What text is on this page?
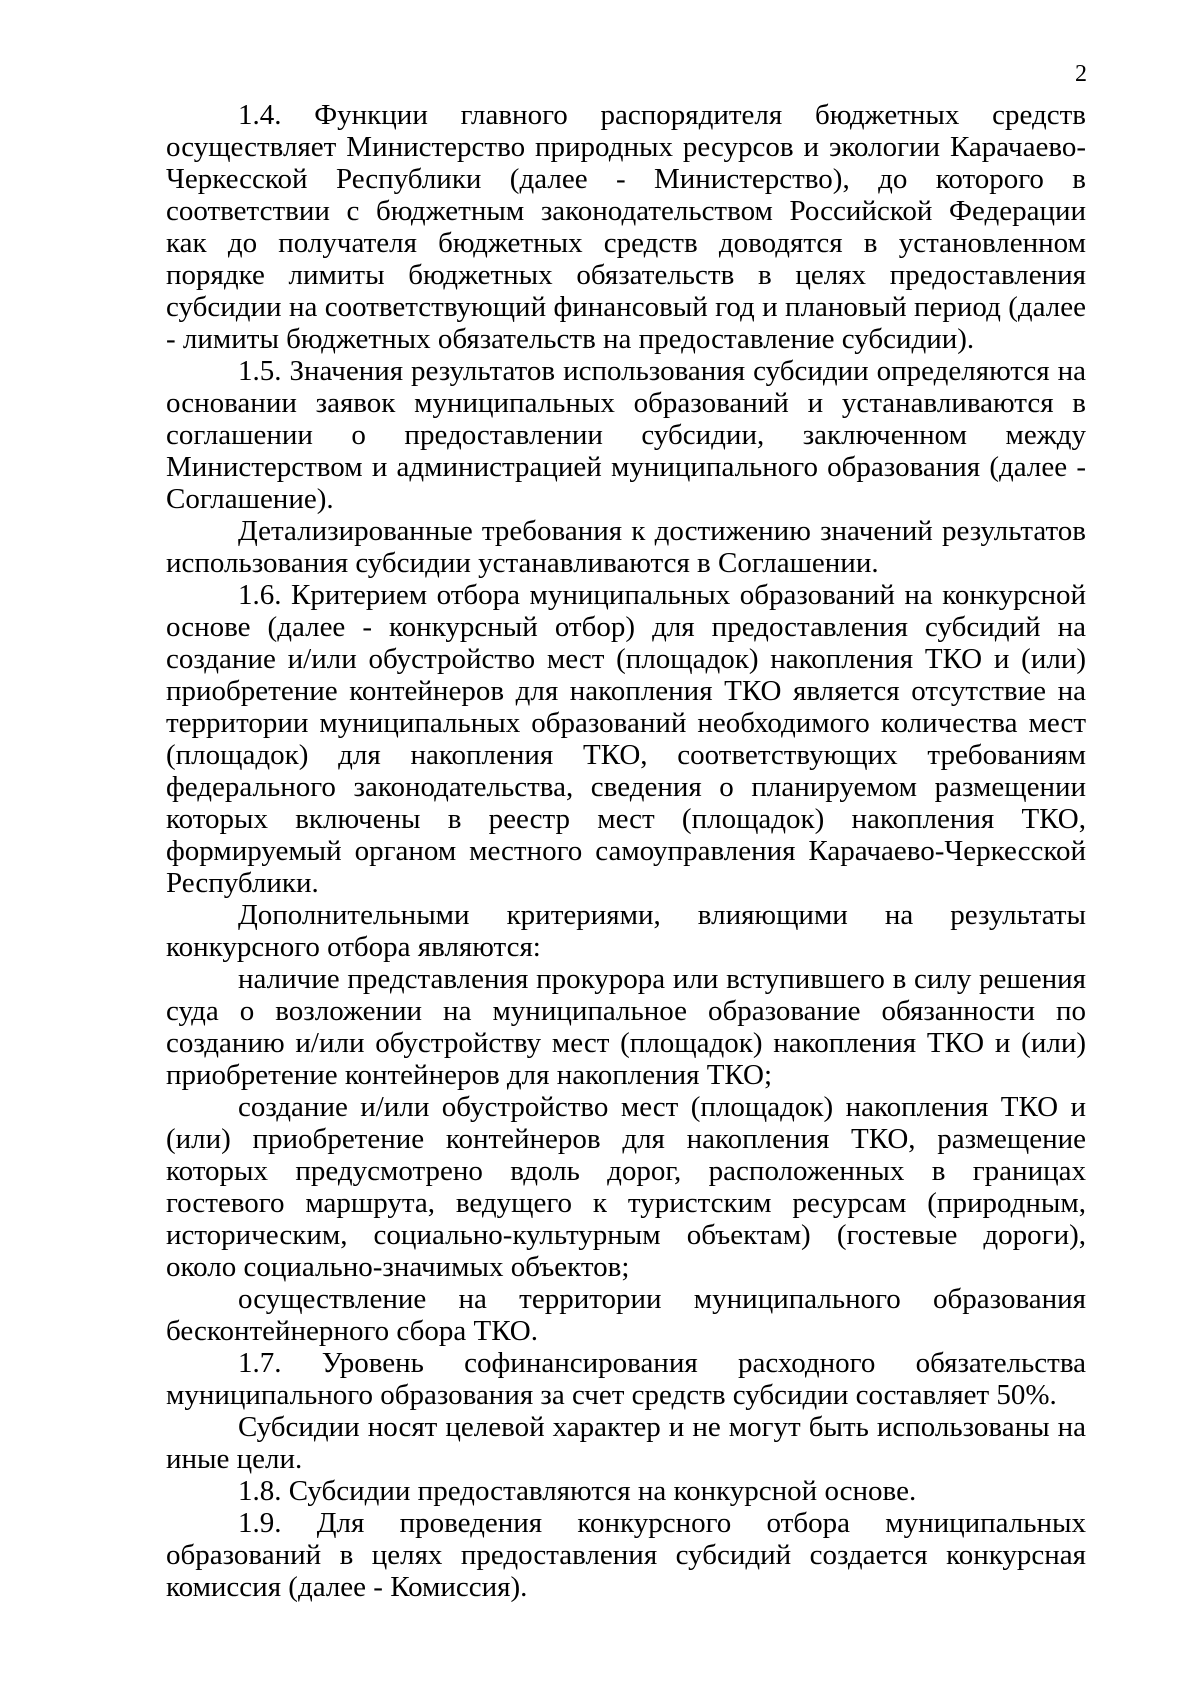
2

1.4. Функции главного распорядителя бюджетных средств осуществляет Министерство природных ресурсов и экологии Карачаево-Черкесской Республики (далее - Министерство), до которого в соответствии с бюджетным законодательством Российской Федерации как до получателя бюджетных средств доводятся в установленном порядке лимиты бюджетных обязательств в целях предоставления субсидии на соответствующий финансовый год и плановый период (далее - лимиты бюджетных обязательств на предоставление субсидии).

1.5. Значения результатов использования субсидии определяются на основании заявок муниципальных образований и устанавливаются в соглашении о предоставлении субсидии, заключенном между Министерством и администрацией муниципального образования (далее - Соглашение).

Детализированные требования к достижению значений результатов использования субсидии устанавливаются в Соглашении.

1.6. Критерием отбора муниципальных образований на конкурсной основе (далее - конкурсный отбор) для предоставления субсидий на создание и/или обустройство мест (площадок) накопления ТКО и (или) приобретение контейнеров для накопления ТКО является отсутствие на территории муниципальных образований необходимого количества мест (площадок) для накопления ТКО, соответствующих требованиям федерального законодательства, сведения о планируемом размещении которых включены в реестр мест (площадок) накопления ТКО, формируемый органом местного самоуправления Карачаево-Черкесской Республики.

Дополнительными критериями, влияющими на результаты конкурсного отбора являются:

наличие представления прокурора или вступившего в силу решения суда о возложении на муниципальное образование обязанности по созданию и/или обустройству мест (площадок) накопления ТКО и (или) приобретение контейнеров для накопления ТКО;

создание и/или обустройство мест (площадок) накопления ТКО и (или) приобретение контейнеров для накопления ТКО, размещение которых предусмотрено вдоль дорог, расположенных в границах гостевого маршрута, ведущего к туристским ресурсам (природным, историческим, социально-культурным объектам) (гостевые дороги), около социально-значимых объектов;

осуществление на территории муниципального образования бесконтейнерного сбора ТКО.

1.7. Уровень софинансирования расходного обязательства муниципального образования за счет средств субсидии составляет 50%.

Субсидии носят целевой характер и не могут быть использованы на иные цели.

1.8. Субсидии предоставляются на конкурсной основе.

1.9. Для проведения конкурсного отбора муниципальных образований в целях предоставления субсидий создается конкурсная комиссия (далее - Комиссия).
